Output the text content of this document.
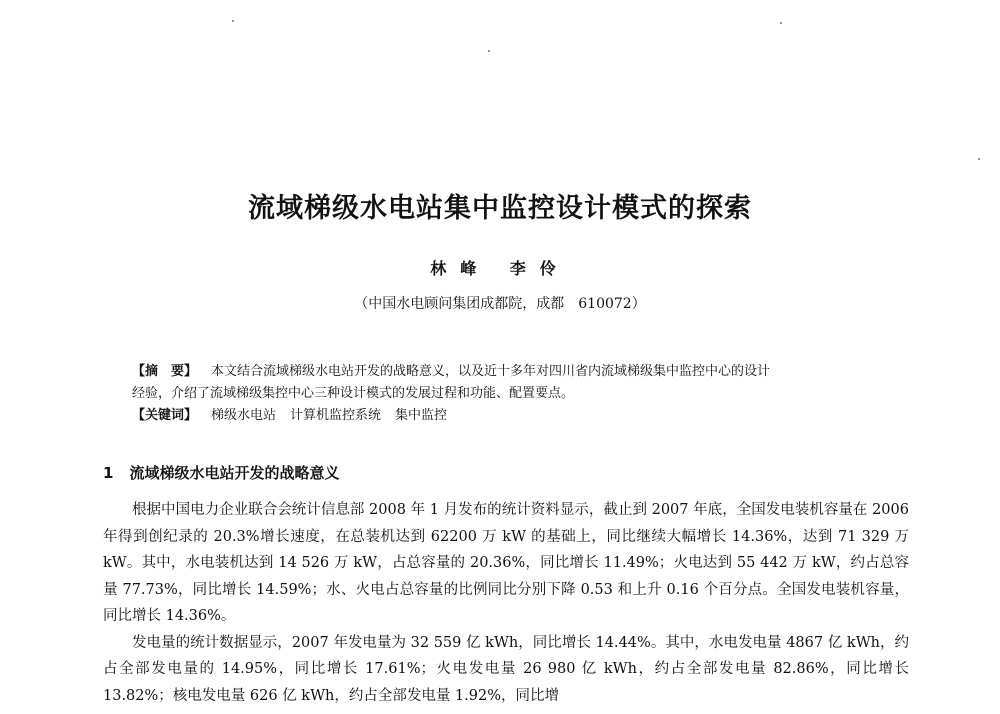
流域梯级水电站集中监控设计模式的探索
林峰 李伶
（中国水电顾问集团成都院，成都　610072）
【摘　要】 本文结合流域梯级水电站开发的战略意义，以及近十多年对四川省内流域梯级集中监控中心的设计
经验，介绍了流域梯级集控中心三种设计模式的发展过程和功能、配置要点。
【关键词】 梯级水电站 计算机监控系统 集中监控
1 流域梯级水电站开发的战略意义

根据中国电力企业联合会统计信息部 2008 年 1 月发布的统计资料显示，截止到 2007 年底，全国发电装机容量在 2006 年得到创纪录的 20.3%增长速度，在总装机达到 62200 万 kW 的基础上，同比继续大幅增长 14.36%，达到 71 329 万 kW。其中，水电装机达到 14 526 万 kW，占总容量的 20.36%，同比增长 11.49%；火电达到 55 442 万 kW，约占总容量 77.73%，同比增长 14.59%；水、火电占总容量的比例同比分别下降 0.53 和上升 0.16 个百分点。全国发电装机容量，同比增长 14.36%。

发电量的统计数据显示，2007 年发电量为 32 559 亿 kWh，同比增长 14.44%。其中，水电发电量 4867 亿 kWh，约占全部发电量的 14.95%，同比增长 17.61%；火电发电量 26 980 亿 kWh，约占全部发电量 82.86%，同比增长 13.82%；核电发电量 626 亿 kWh，约占全部发电量 1.92%，同比增
